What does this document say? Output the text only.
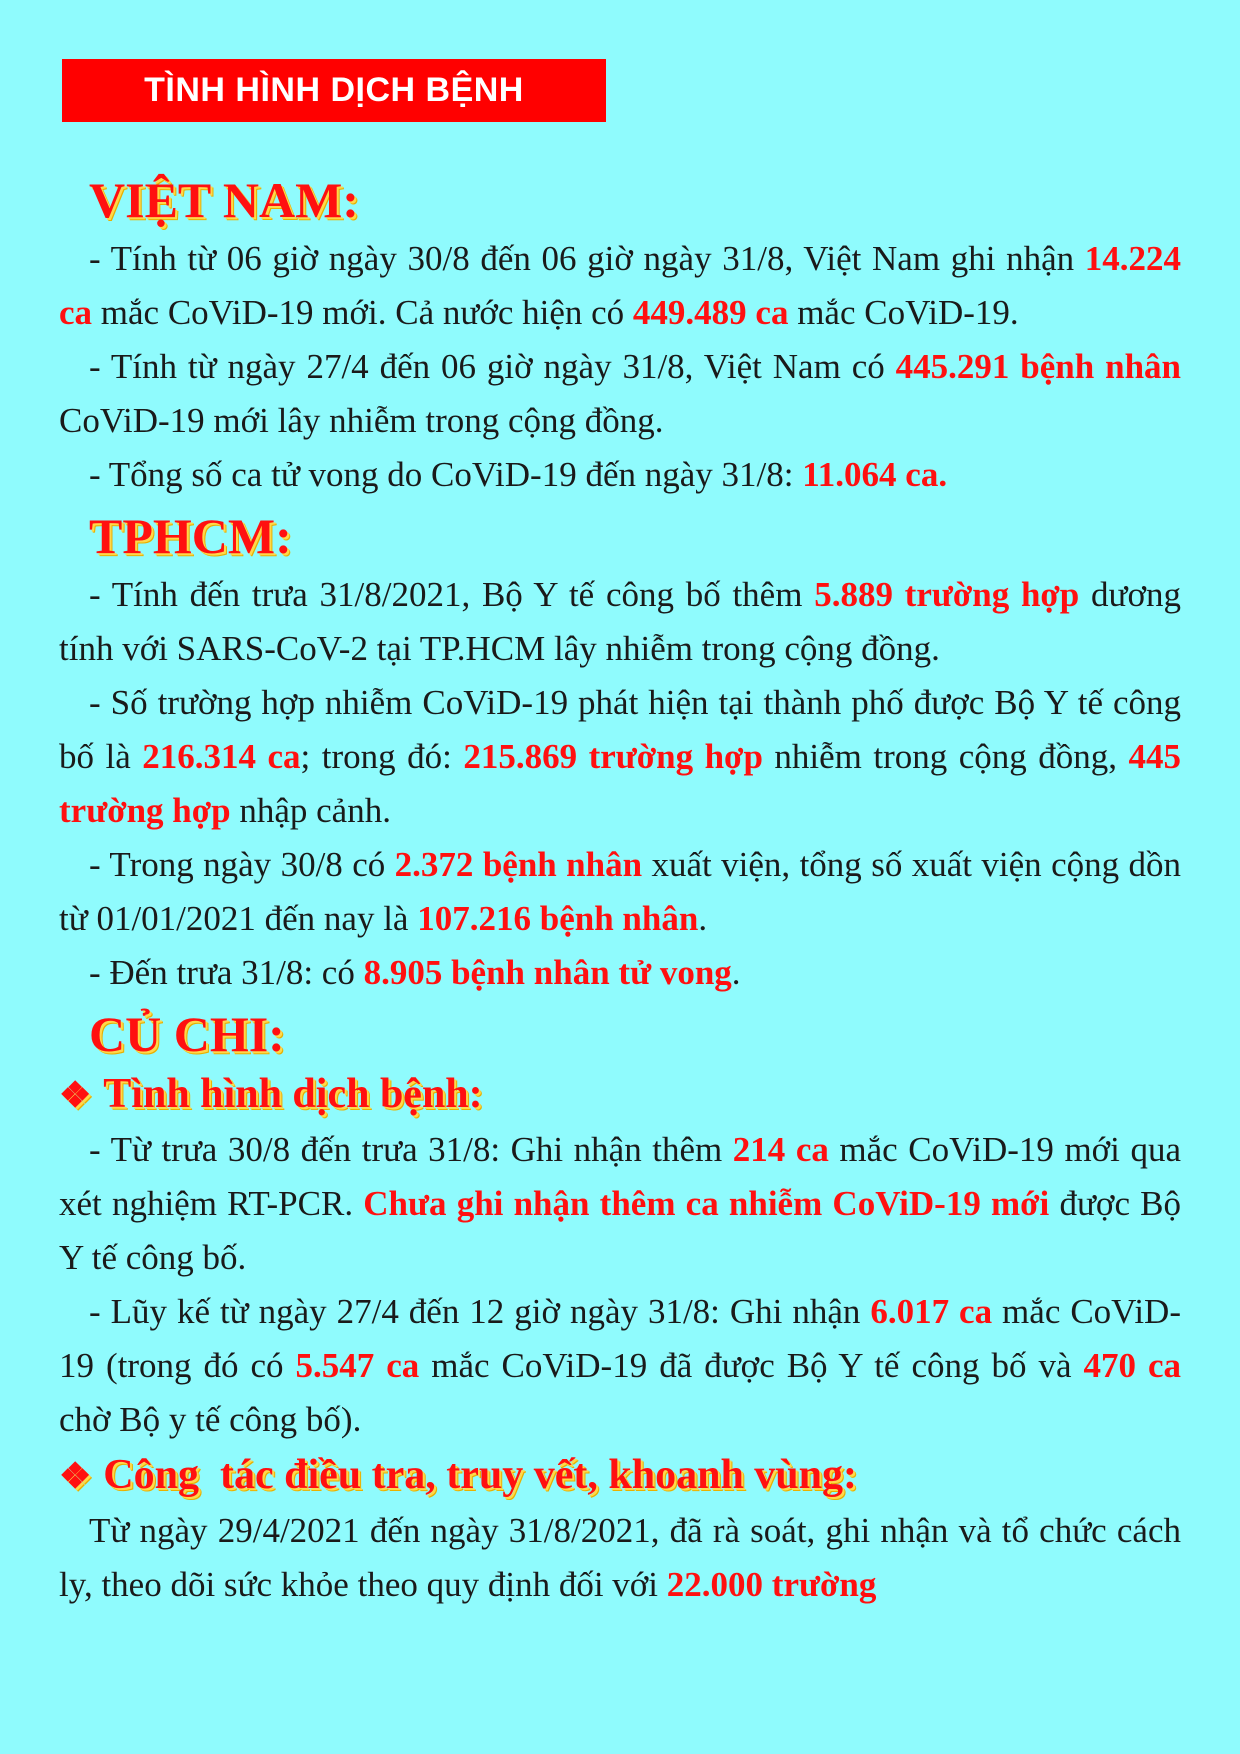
TÌNH HÌNH DỊCH BỆNH
VIỆT NAM:

- Tính từ 06 giờ ngày 30/8 đến 06 giờ ngày 31/8, Việt Nam ghi nhận 14.224 ca mắc CoViD-19 mới. Cả nước hiện có 449.489 ca mắc CoViD-19.

- Tính từ ngày 27/4 đến 06 giờ ngày 31/8, Việt Nam có 445.291 bệnh nhân CoViD-19 mới lây nhiễm trong cộng đồng.

- Tổng số ca tử vong do CoViD-19 đến ngày 31/8: 11.064 ca.

TPHCM:

- Tính đến trưa 31/8/2021, Bộ Y tế công bố thêm 5.889 trường hợp dương tính với SARS-CoV-2 tại TP.HCM lây nhiễm trong cộng đồng.

- Số trường hợp nhiễm CoViD-19 phát hiện tại thành phố được Bộ Y tế công bố là 216.314 ca; trong đó: 215.869 trường hợp nhiễm trong cộng đồng, 445 trường hợp nhập cảnh.

- Trong ngày 30/8 có 2.372 bệnh nhân xuất viện, tổng số xuất viện cộng dồn từ 01/01/2021 đến nay là 107.216 bệnh nhân.

- Đến trưa 31/8: có 8.905 bệnh nhân tử vong.

CỦ CHI:
❖ Tình hình dịch bệnh:

- Từ trưa 30/8 đến trưa 31/8: Ghi nhận thêm 214 ca mắc CoViD-19 mới qua xét nghiệm RT-PCR. Chưa ghi nhận thêm ca nhiễm CoViD-19 mới được Bộ Y tế công bố.

- Lũy kế từ ngày 27/4 đến 12 giờ ngày 31/8: Ghi nhận 6.017 ca mắc CoViD-19 (trong đó có 5.547 ca mắc CoViD-19 đã được Bộ Y tế công bố và 470 ca chờ Bộ y tế công bố).

❖ Công  tác điều tra, truy vết, khoanh vùng:

Từ ngày 29/4/2021 đến ngày 31/8/2021, đã rà soát, ghi nhận và tổ chức cách ly, theo dõi sức khỏe theo quy định đối với 22.000 trường
